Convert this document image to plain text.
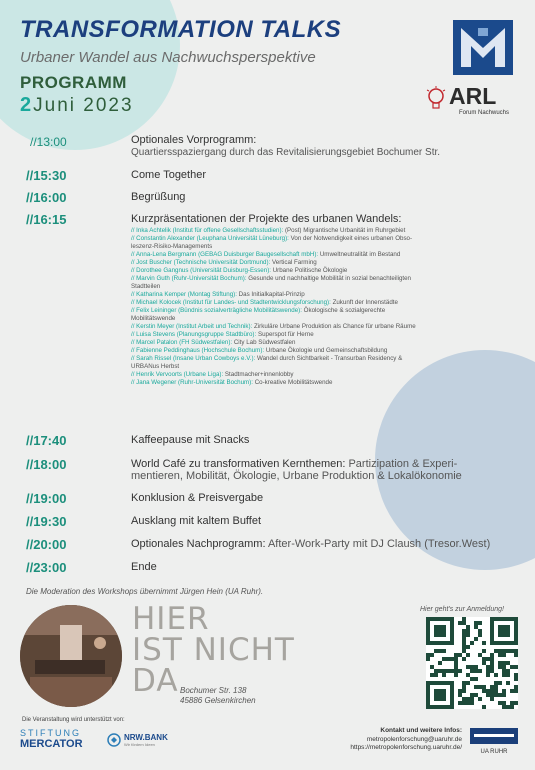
TRANSFORMATION TALKS
Urbaner Wandel aus Nachwuchsperspektive
PROGRAMM
2Juni 2023	ARL
Forum Nachwuchs
//13:00	Optionales Vorprogramm:
Quartiersspaziergang durch das Revitalisierungsgebiet Bochumer Str.
//15:30	Come Together
//16:00	Begrüßung
//16:15	Kurzpräsentationen der Projekte des urbanen Wandels:
// Inka Achtelik (Institut für offene Gesellschaftsstudien): (Post) Migrantische Urbanität im Ruhrgebiet
// Constantin Alexander (Leuphana Universität Lüneburg): Von der Notwendigkeit eines urbanen Obso-
leszenz-Risiko-Managements
// Anna-Lena Bergmann (GEBAG Duisburger Baugesellschaft mbH): Umweltneutralität im Bestand
// Jost Buscher (Technische Universität Dortmund): Vertical Farming
// Dorothee Gangnus (Universität Duisburg-Essen): Urbane Politische Ökologie
// Marvin Guth (Ruhr-Universität Bochum): Gesunde und nachhaltige Mobilität in sozial benachteiligten
Stadtteilen
// Katharina Kemper (Montag Stiftung): Das Initialkapital-Prinzip
// Michael Kolocek (Institut für Landes- und Stadtentwicklungsforschung): Zukunft der Innenstädte
// Felix Leininger (Bündnis sozialverträgliche Mobilitätswende): Ökologische & sozialgerechte
Mobilitätswende
// Kerstin Meyer (Institut Arbeit und Technik): Zirkuläre Urbane Produktion als Chance für urbane Räume
// Luisa Stevens (Planungsgruppe Stadtbüro): Superspot für Herne
// Marcel Patalon (FH Südwestfalen): City Lab Südwestfalen
// Fabienne Peddinghaus (Hochschule Bochum): Urbane Ökologie und Gemeinschaftsbildung
// Sarah Rissel (Insane Urban Cowboys e.V.): Wandel durch Sichtbarkeit - Transurban Residency &
URBANus Herbst
// Henrik Vervoorts (Urbane Liga): Stadtmacher+innenlobby
// Jana Wegener (Ruhr-Universität Bochum): Co-kreative Mobilitätswende
//17:40	Kaffeepause mit Snacks
//18:00	World Café zu transformativen Kernthemen: Partizipation & Experi-
mentieren, Mobilität, Ökologie, Urbane Produktion & Lokalökonomie
//19:00	Konklusion & Preisvergabe
//19:30	Ausklang mit kaltem Buffet
//20:00	Optionales Nachprogramm: After-Work-Party mit DJ Claush (Tresor.West)
//23:00	Ende
Die Moderation des Workshops übernimmt Jürgen Hein (UA Ruhr).
HIER
IST NICHT
DA Bochumer Str. 138
45886 Gelsenkirchen
Hier geht's zur Anmeldung!
Die Veranstaltung wird unterstützt von:
STIFTUNG
MERCATOR
NRW.BANK
Wir fördern Ideen
Kontakt und weitere Infos:
metropolenforschung@uaruhr.de
https://metropolenforschung.uaruhr.de/
UA RUHR
